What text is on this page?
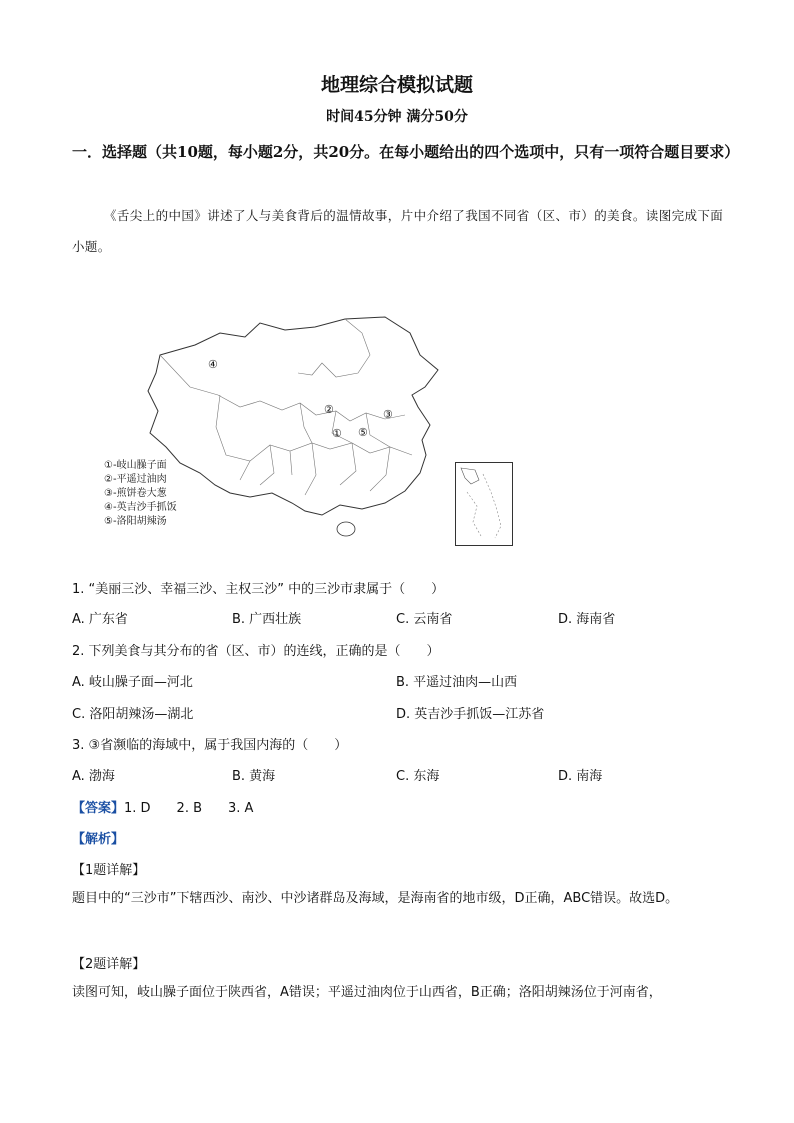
地理综合模拟试题
时间45分钟 满分50分
一．选择题（共10题，每小题2分，共20分。在每小题给出的四个选项中，只有一项符合题目要求）
《舌尖上的中国》讲述了人与美食背后的温情故事，片中介绍了我国不同省（区、市）的美食。读图完成下面小题。
④
②	③
① ⑤
①-岐山臊子面
②-平遥过油肉
③-煎饼卷大葱
④-英吉沙手抓饭
⑤-洛阳胡辣汤
1. “美丽三沙、幸福三沙、主权三沙” 中的三沙市隶属于（　　）
A. 广东省	B. 广西壮族	C. 云南省	D. 海南省
2. 下列美食与其分布的省（区、市）的连线，正确的是（　　）
A. 岐山臊子面—河北	B. 平遥过油肉—山西
C. 洛阳胡辣汤—湖北	D. 英吉沙手抓饭—江苏省
3. ③省濒临的海域中，属于我国内海的（　　）
A. 渤海	B. 黄海	C. 东海	D. 南海
【答案】1. D　　2. B　　3. A
【解析】
【1题详解】
题目中的“三沙市”下辖西沙、南沙、中沙诸群岛及海域，是海南省的地市级，D正确，ABC错误。故选D。
【2题详解】
读图可知，岐山臊子面位于陕西省，A错误；平遥过油肉位于山西省，B正确；洛阳胡辣汤位于河南省，
